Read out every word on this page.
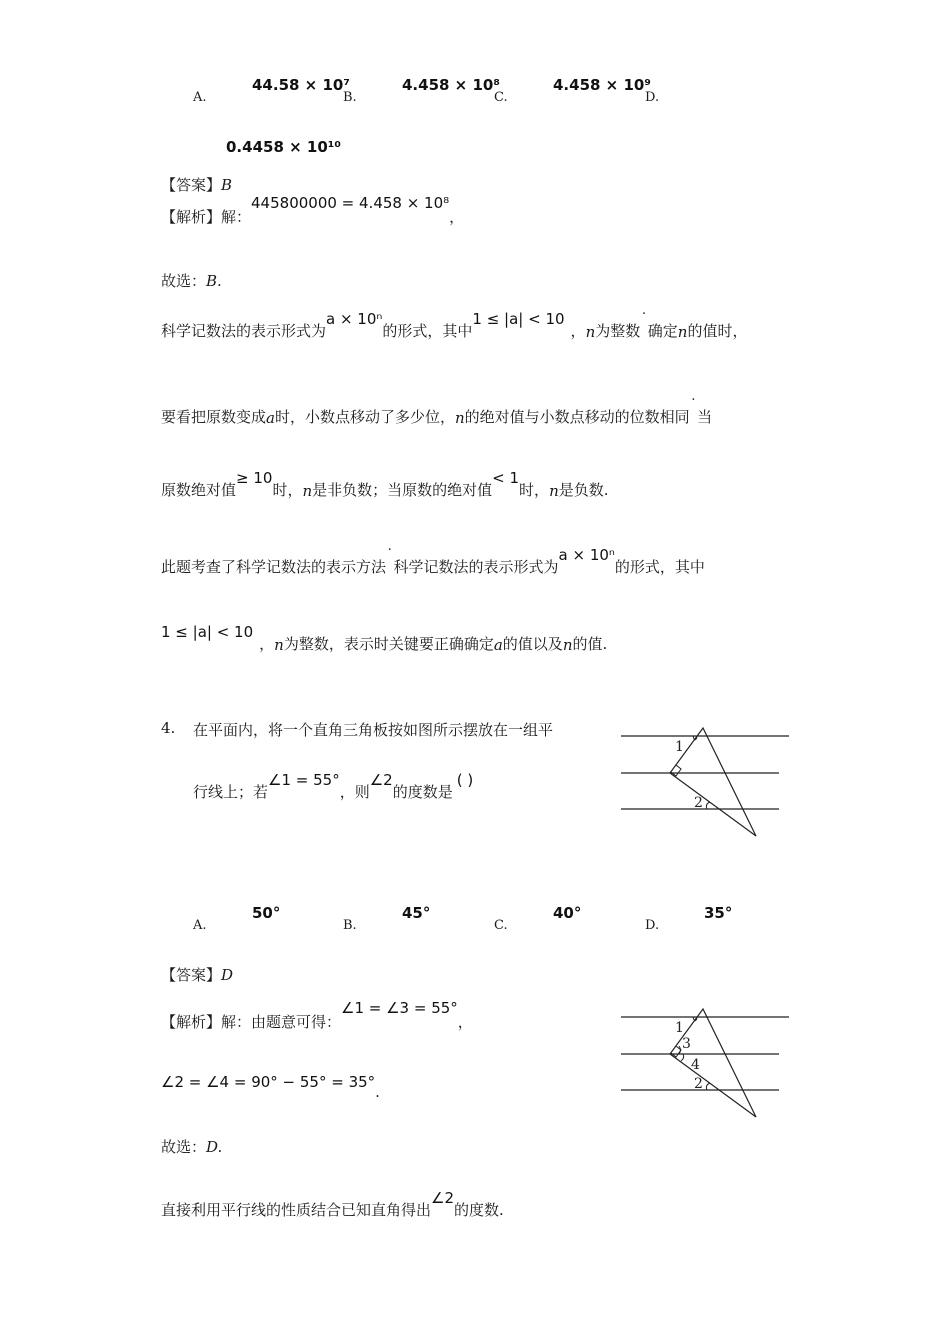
44.58 × 10⁷
A.
4.458 × 10⁸
B.
4.458 × 10⁹
C.	D.
0.4458 × 10¹⁰
【答案】B
【解析】解：
445800000 = 4.458 × 10⁸
，
故选：B.
科学记数法的表示形式为
a × 10ⁿ
的形式，其中
1 ≤ |a| < 10
， n 为整数
˙
确定 n 的值时，
要看把原数变成 a 时，小数点移动了多少位， n 的绝对值与小数点移动的位数相同
˙
当
原数绝对值
≥ 10
时， n 是非负数；当原数的绝对值
< 1
时， n 是负数.
此题考查了科学记数法的表示方法
˙
科学记数法的表示形式为
a × 10ⁿ
的形式，其中
1 ≤ |a| < 10
， n 为整数，表示时关键要正确确定 a 的值以及 n 的值.
4. 在平面内，将一个直角三角板按如图所示摆放在一组平
行线上；若
∠1 = 55°
，则
∠2
的度数是
( )
1
2
50°
A.
45°
B.
40°
C.
35°
D.
【答案】D
【解析】解：由题意可得：
∠1 = ∠3 = 55°
，
∠2 = ∠4 = 90° − 55° = 35°
.
故选：D.
直接利用平行线的性质结合已知直角得出
∠2
的度数.
1
3
4
2
